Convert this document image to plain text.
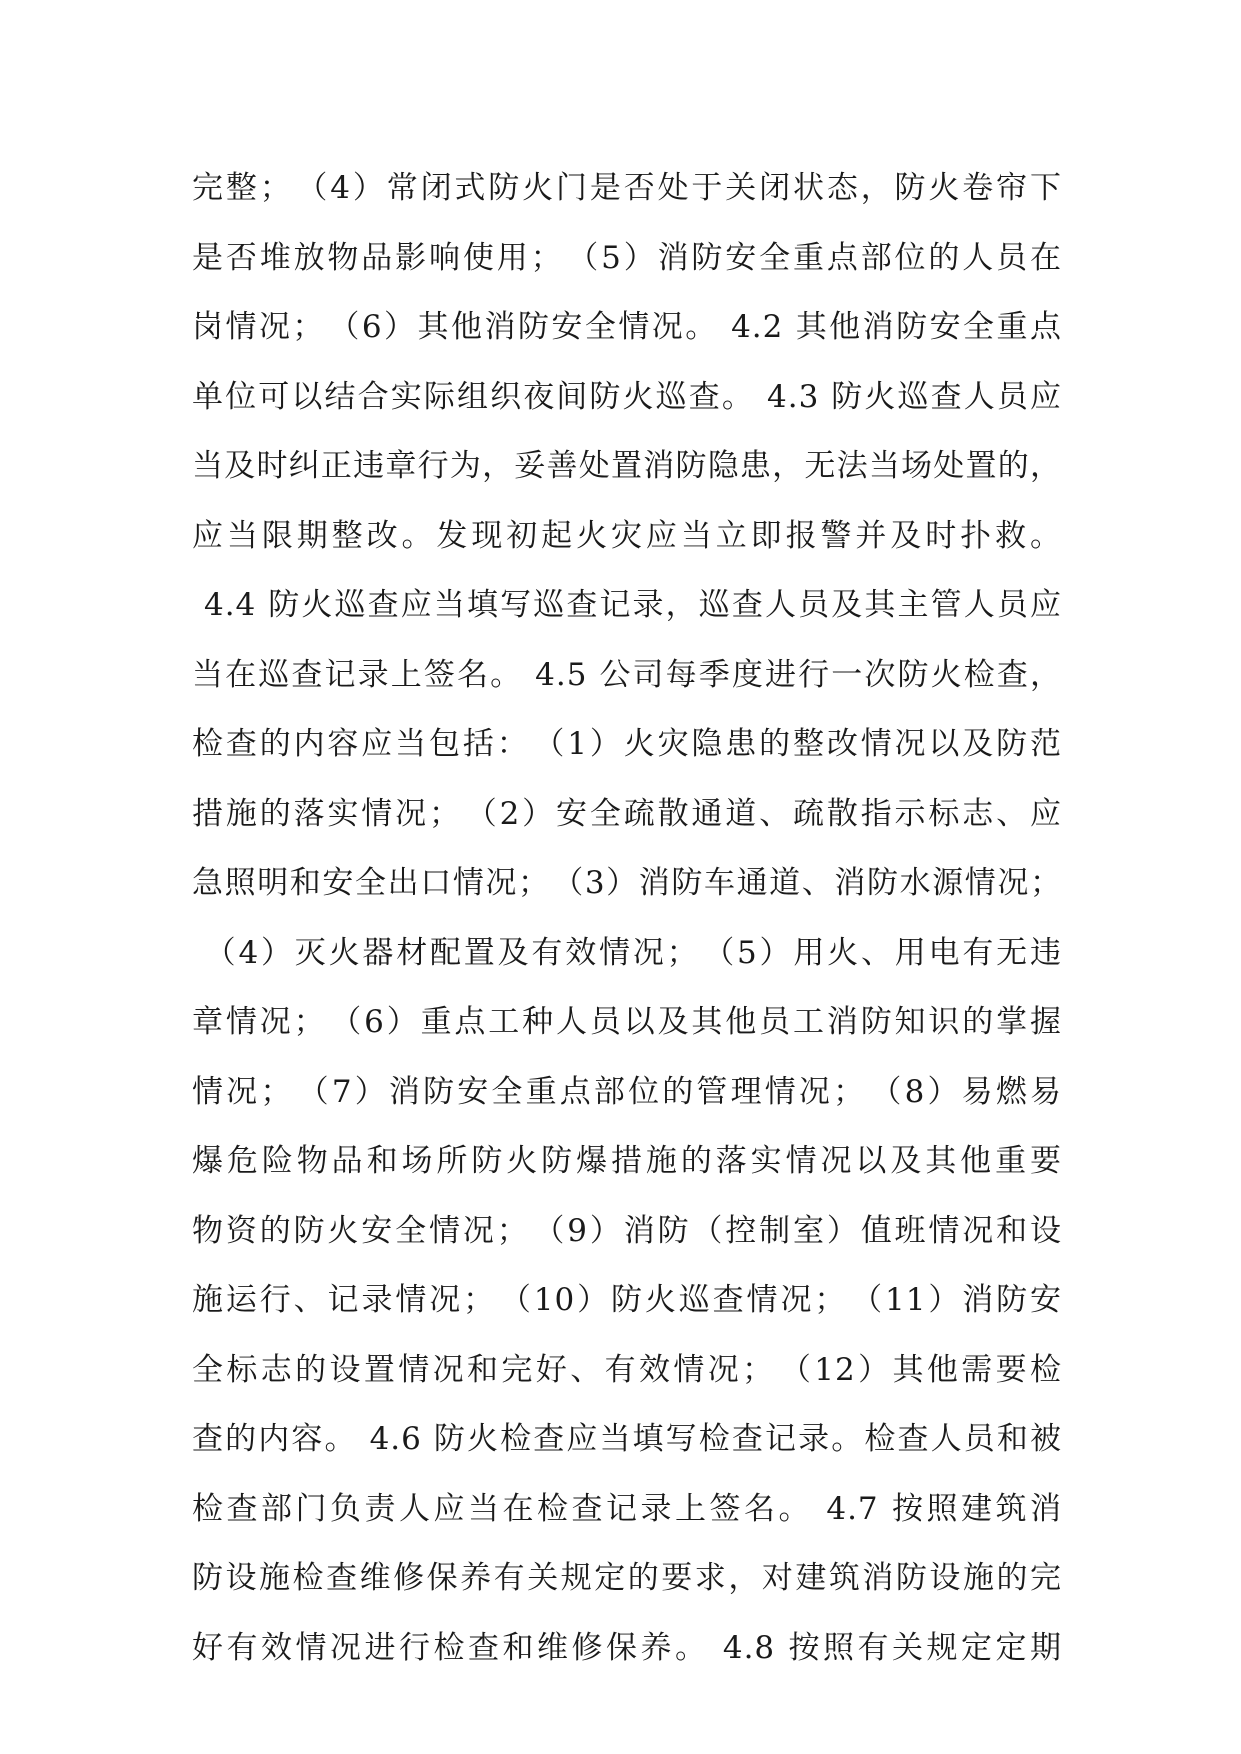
完整；　（4）常闭式防火门是否处于关闭状态，防火卷帘下
是否堆放物品影响使用；　（5）消防安全重点部位的人员在
岗情况；　（6）其他消防安全情况。 4.2 其他消防安全重点
单位可以结合实际组织夜间防火巡查。 4.3 防火巡查人员应
当及时纠正违章行为，妥善处置消防隐患，无法当场处置的，
应当限期整改。发现初起火灾应当立即报警并及时扑救。
4.4 防火巡查应当填写巡查记录，巡查人员及其主管人员应
当在巡查记录上签名。 4.5 公司每季度进行一次防火检查，
检查的内容应当包括：　（1）火灾隐患的整改情况以及防范
措施的落实情况；　（2）安全疏散通道、疏散指示标志、应
急照明和安全出口情况；　（3）消防车通道、消防水源情况；
（4）灭火器材配置及有效情况；　（5）用火、用电有无违
章情况；　（6）重点工种人员以及其他员工消防知识的掌握
情况；　（7）消防安全重点部位的管理情况；　（8）易燃易
爆危险物品和场所防火防爆措施的落实情况以及其他重要
物资的防火安全情况；　（9）消防（控制室）值班情况和设
施运行、记录情况；　（10）防火巡查情况；　（11）消防安
全标志的设置情况和完好、有效情况；　（12）其他需要检
查的内容。 4.6 防火检查应当填写检查记录。检查人员和被
检查部门负责人应当在检查记录上签名。 4.7 按照建筑消
防设施检查维修保养有关规定的要求，对建筑消防设施的完
好有效情况进行检查和维修保养。 4.8 按照有关规定定期
